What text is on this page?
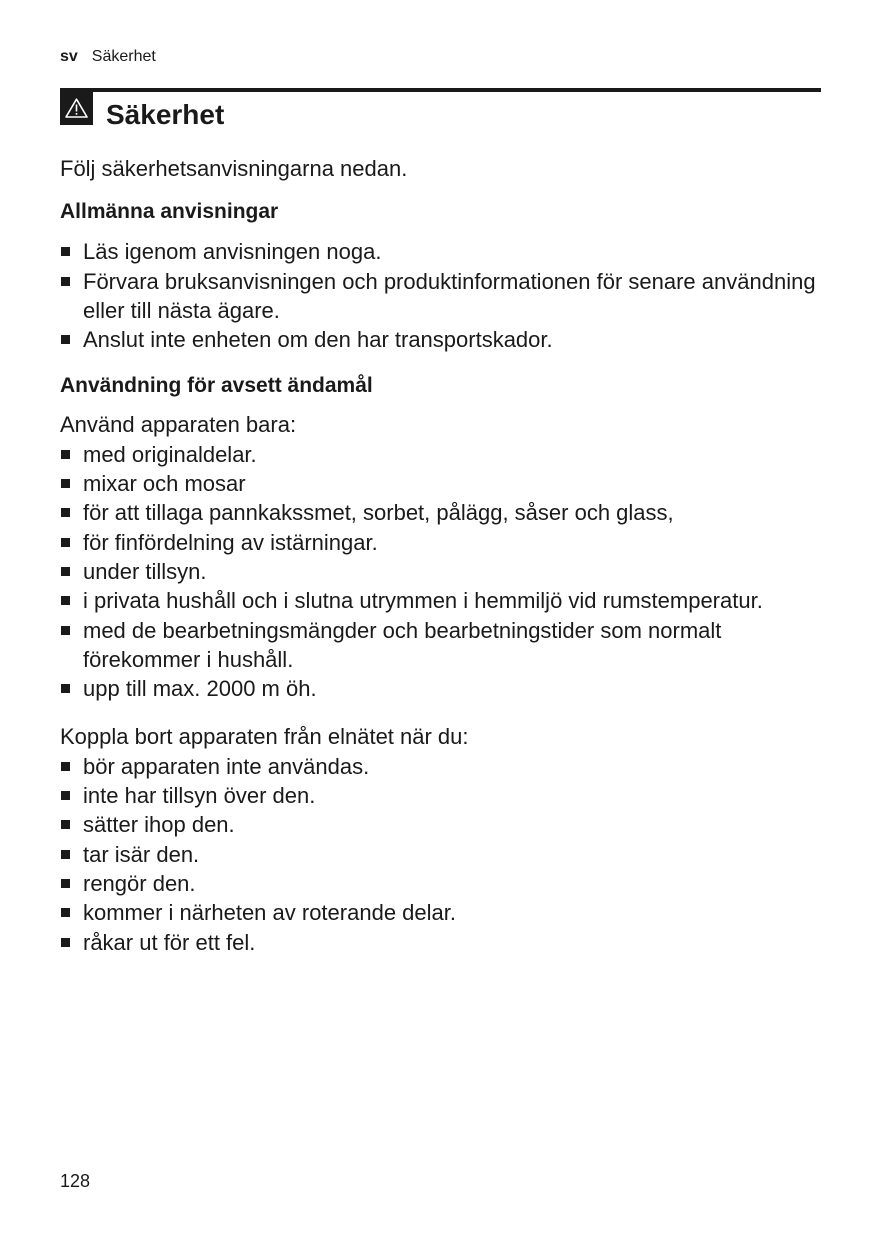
sv Säkerhet
Säkerhet

Följ säkerhetsanvisningarna nedan.

Allmänna anvisningar
Läs igenom anvisningen noga.
Förvara bruksanvisningen och produktinformationen för senare användning eller till nästa ägare.
Anslut inte enheten om den har transportskador.
Användning för avsett ändamål

Använd apparaten bara:

med originaldelar.
mixar och mosar
för att tillaga pannkakssmet, sorbet, pålägg, såser och glass,
för finfördelning av istärningar.
under tillsyn.
i privata hushåll och i slutna utrymmen i hemmiljö vid rumstemperatur.
med de bearbetningsmängder och bearbetningstider som normalt förekommer i hushåll.
upp till max. 2000 m öh.

Koppla bort apparaten från elnätet när du:

bör apparaten inte användas.
inte har tillsyn över den.
sätter ihop den.
tar isär den.
rengör den.
kommer i närheten av roterande delar.
råkar ut för ett fel.
128
